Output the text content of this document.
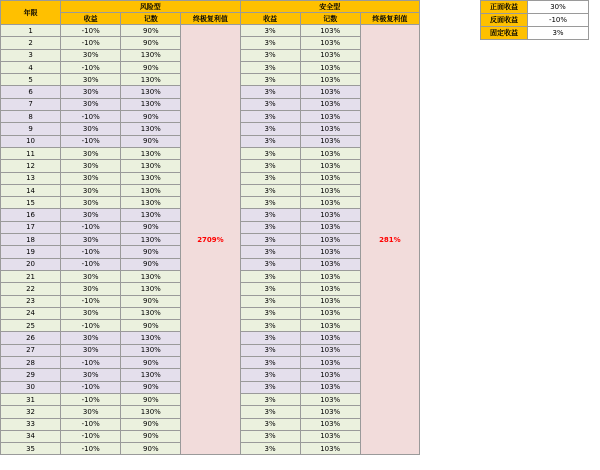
年限	风险型			安全型		
	收益	记数	终极复利值	收益	记数	终极复利值
1	-10%	90%	2709%	3%	103%	281%
2	-10%	90%		3%	103%	
3	30%	130%		3%	103%	
4	-10%	90%		3%	103%	
5	30%	130%		3%	103%	
6	30%	130%		3%	103%	
7	30%	130%		3%	103%	
8	-10%	90%		3%	103%	
9	30%	130%		3%	103%	
10	-10%	90%		3%	103%	
11	30%	130%		3%	103%	
12	30%	130%		3%	103%	
13	30%	130%		3%	103%	
14	30%	130%		3%	103%	
15	30%	130%		3%	103%	
16	30%	130%		3%	103%	
17	-10%	90%		3%	103%	
18	30%	130%		3%	103%	
19	-10%	90%		3%	103%	
20	-10%	90%		3%	103%	
21	30%	130%		3%	103%	
22	30%	130%		3%	103%	
23	-10%	90%		3%	103%	
24	30%	130%		3%	103%	
25	-10%	90%		3%	103%	
26	30%	130%		3%	103%	
27	30%	130%		3%	103%	
28	-10%	90%		3%	103%	
29	30%	130%		3%	103%	
30	-10%	90%		3%	103%	
31	-10%	90%		3%	103%	
32	30%	130%		3%	103%	
33	-10%	90%		3%	103%	
34	-10%	90%		3%	103%	
35	-10%	90%		3%	103%	
正面收益	30%
反面收益	-10%
固定收益	3%
